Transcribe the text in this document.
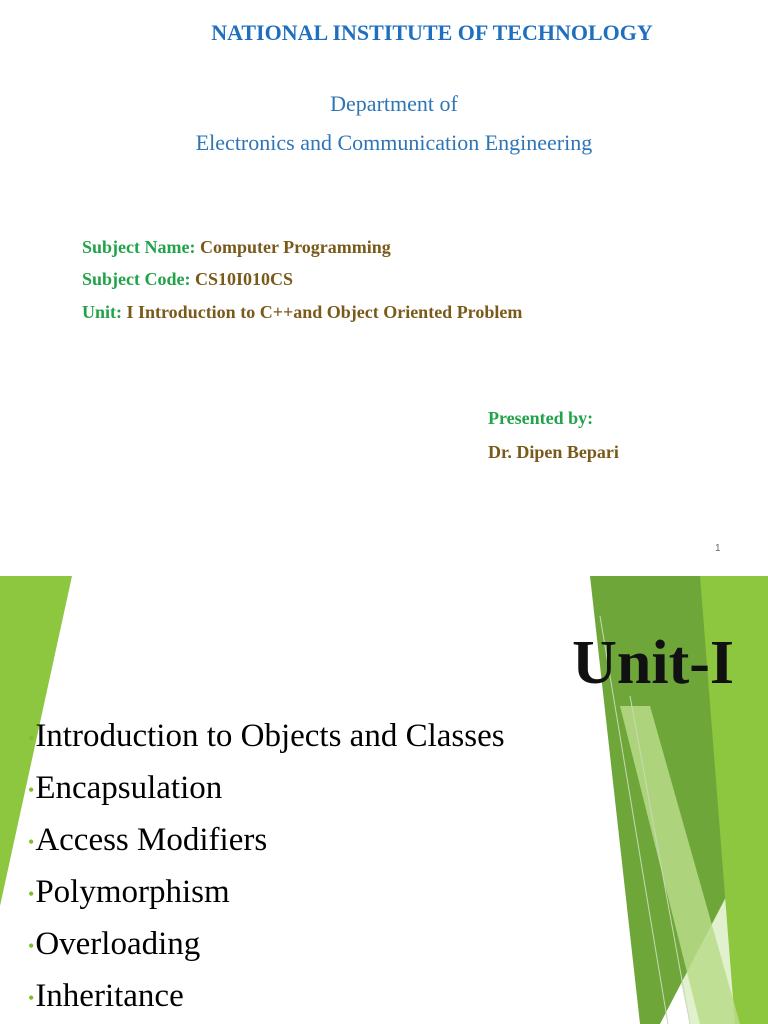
NATIONAL INSTITUTE OF TECHNOLOGY
Department of
Electronics and Communication Engineering
Subject Name: Computer Programming
Subject Code: CS10I010CS
Unit: I Introduction to C++and Object Oriented Problem
Presented by:
Dr. Dipen Bepari
1
Unit-I
•Introduction to Objects and Classes
•Encapsulation
•Access Modifiers
•Polymorphism
•Overloading
•Inheritance
